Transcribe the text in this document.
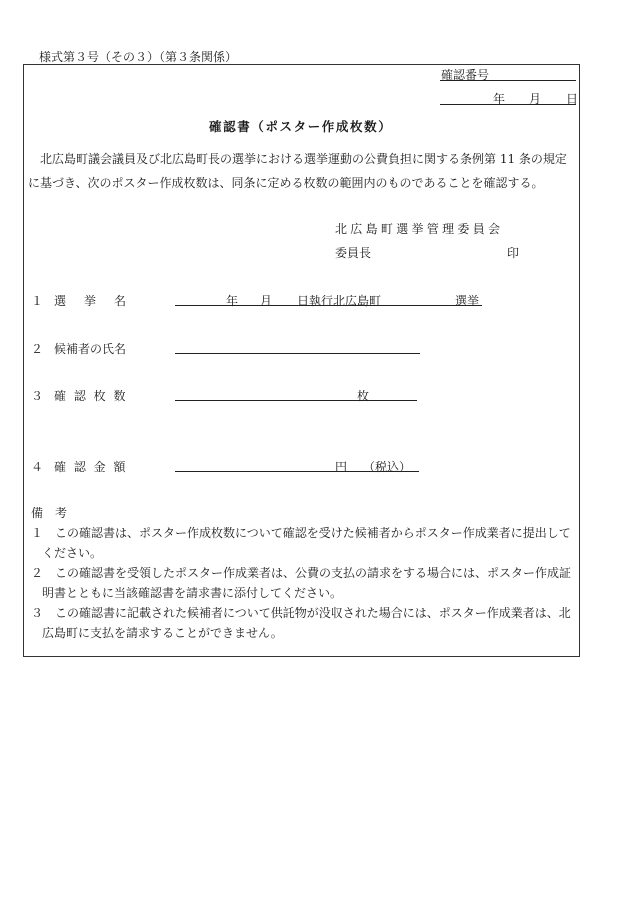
様式第３号（その３）（第３条関係）
確認番号
年 月 日
確認書（ポスター作成枚数）
北広島町議会議員及び北広島町長の選挙における選挙運動の公費負担に関する条例第 11 条の規定
に基づき、次のポスター作成枚数は、同条に定める枚数の範囲内のものであることを確認する。
北広島町選挙管理委員会
委員長	印
１ 選　挙　名	年 月 日執行北広島町	選挙
２ 候補者の氏名
３ 確 認 枚 数	枚
４ 確 認 金 額	円 （税込）
備　考
１ この確認書は、ポスター作成枚数について確認を受けた候補者からポスター作成業者に提出して
ください。
２ この確認書を受領したポスター作成業者は、公費の支払の請求をする場合には、ポスター作成証
明書とともに当該確認書を請求書に添付してください。
３ この確認書に記載された候補者について供託物が没収された場合には、ポスター作成業者は、北
広島町に支払を請求することができません。
